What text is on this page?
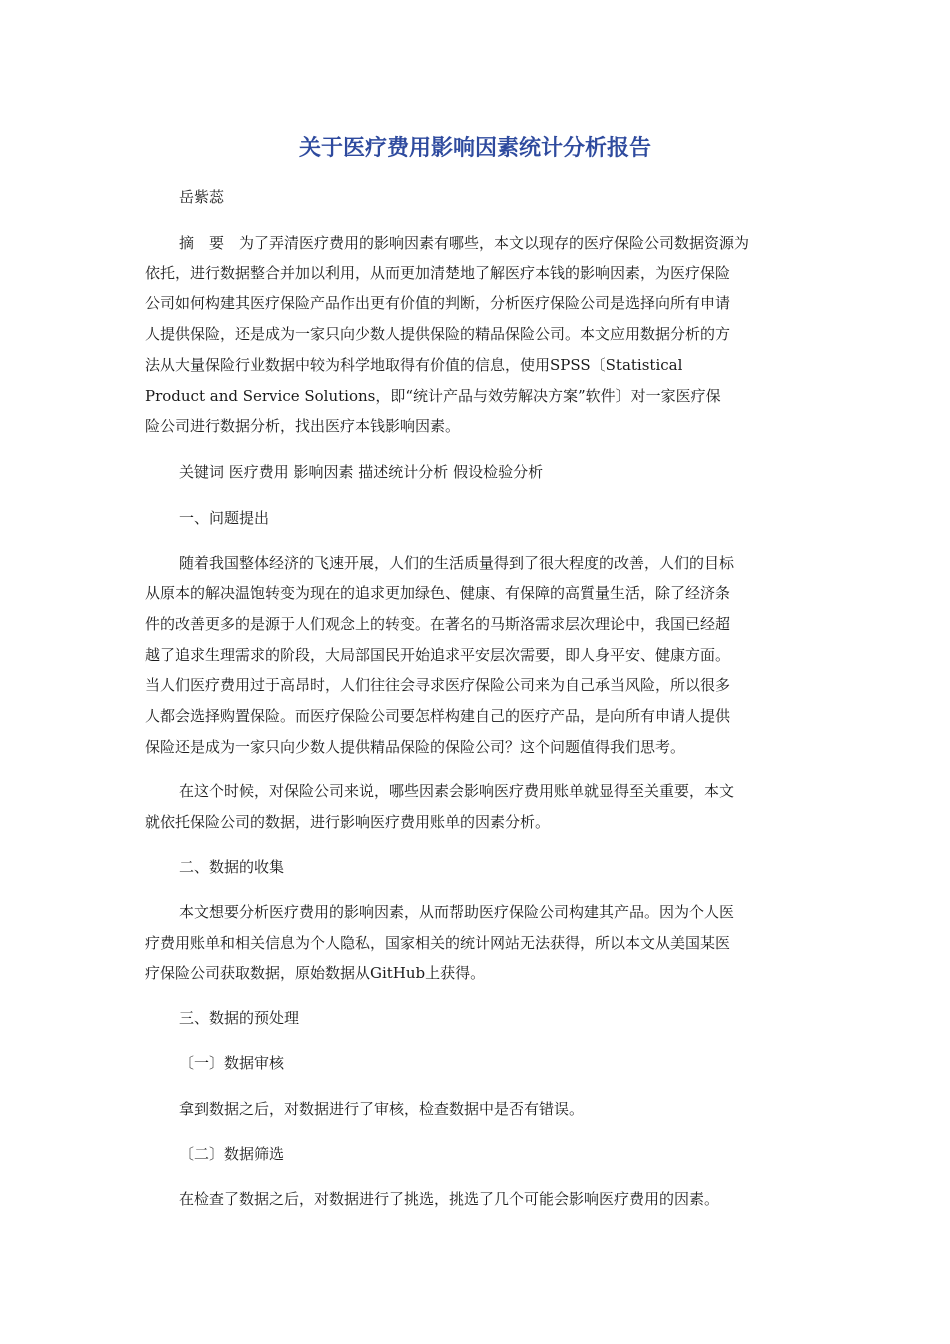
关于医疗费用影响因素统计分析报告

岳紫蕊

摘　要　为了弄清医疗费用的影响因素有哪些，本文以现存的医疗保险公司数据资源为

依托，进行数据整合并加以利用，从而更加清楚地了解医疗本钱的影响因素，为医疗保险

公司如何构建其医疗保险产品作出更有价值的判断，分析医疗保险公司是选择向所有申请

人提供保险，还是成为一家只向少数人提供保险的精品保险公司。本文应用数据分析的方

法从大量保险行业数据中较为科学地取得有价值的信息，使用SPSS〔Statistical

Product and Service Solutions，即“统计产品与效劳解决方案”软件〕对一家医疗保

险公司进行数据分析，找出医疗本钱影响因素。

关键词 医疗费用 影响因素 描述统计分析 假设检验分析

一、问题提出

随着我国整体经济的飞速开展，人们的生活质量得到了很大程度的改善，人们的目标

从原本的解决温饱转变为现在的追求更加绿色、健康、有保障的高質量生活，除了经济条

件的改善更多的是源于人们观念上的转变。在著名的马斯洛需求层次理论中，我国已经超

越了追求生理需求的阶段，大局部国民开始追求平安层次需要，即人身平安、健康方面。

当人们医疗费用过于高昂时，人们往往会寻求医疗保险公司来为自己承当风险，所以很多

人都会选择购置保险。而医疗保险公司要怎样构建自己的医疗产品，是向所有申请人提供

保险还是成为一家只向少数人提供精品保险的保险公司？这个问题值得我们思考。

在这个时候，对保险公司来说，哪些因素会影响医疗费用账单就显得至关重要，本文

就依托保险公司的数据，进行影响医疗费用账单的因素分析。

二、数据的收集

本文想要分析医疗费用的影响因素，从而帮助医疗保险公司构建其产品。因为个人医

疗费用账单和相关信息为个人隐私，国家相关的统计网站无法获得，所以本文从美国某医

疗保险公司获取数据，原始数据从GitHub上获得。

三、数据的预处理

〔一〕数据审核

拿到数据之后，对数据进行了审核，检查数据中是否有错误。

〔二〕数据筛选

在检查了数据之后，对数据进行了挑选，挑选了几个可能会影响医疗费用的因素。
